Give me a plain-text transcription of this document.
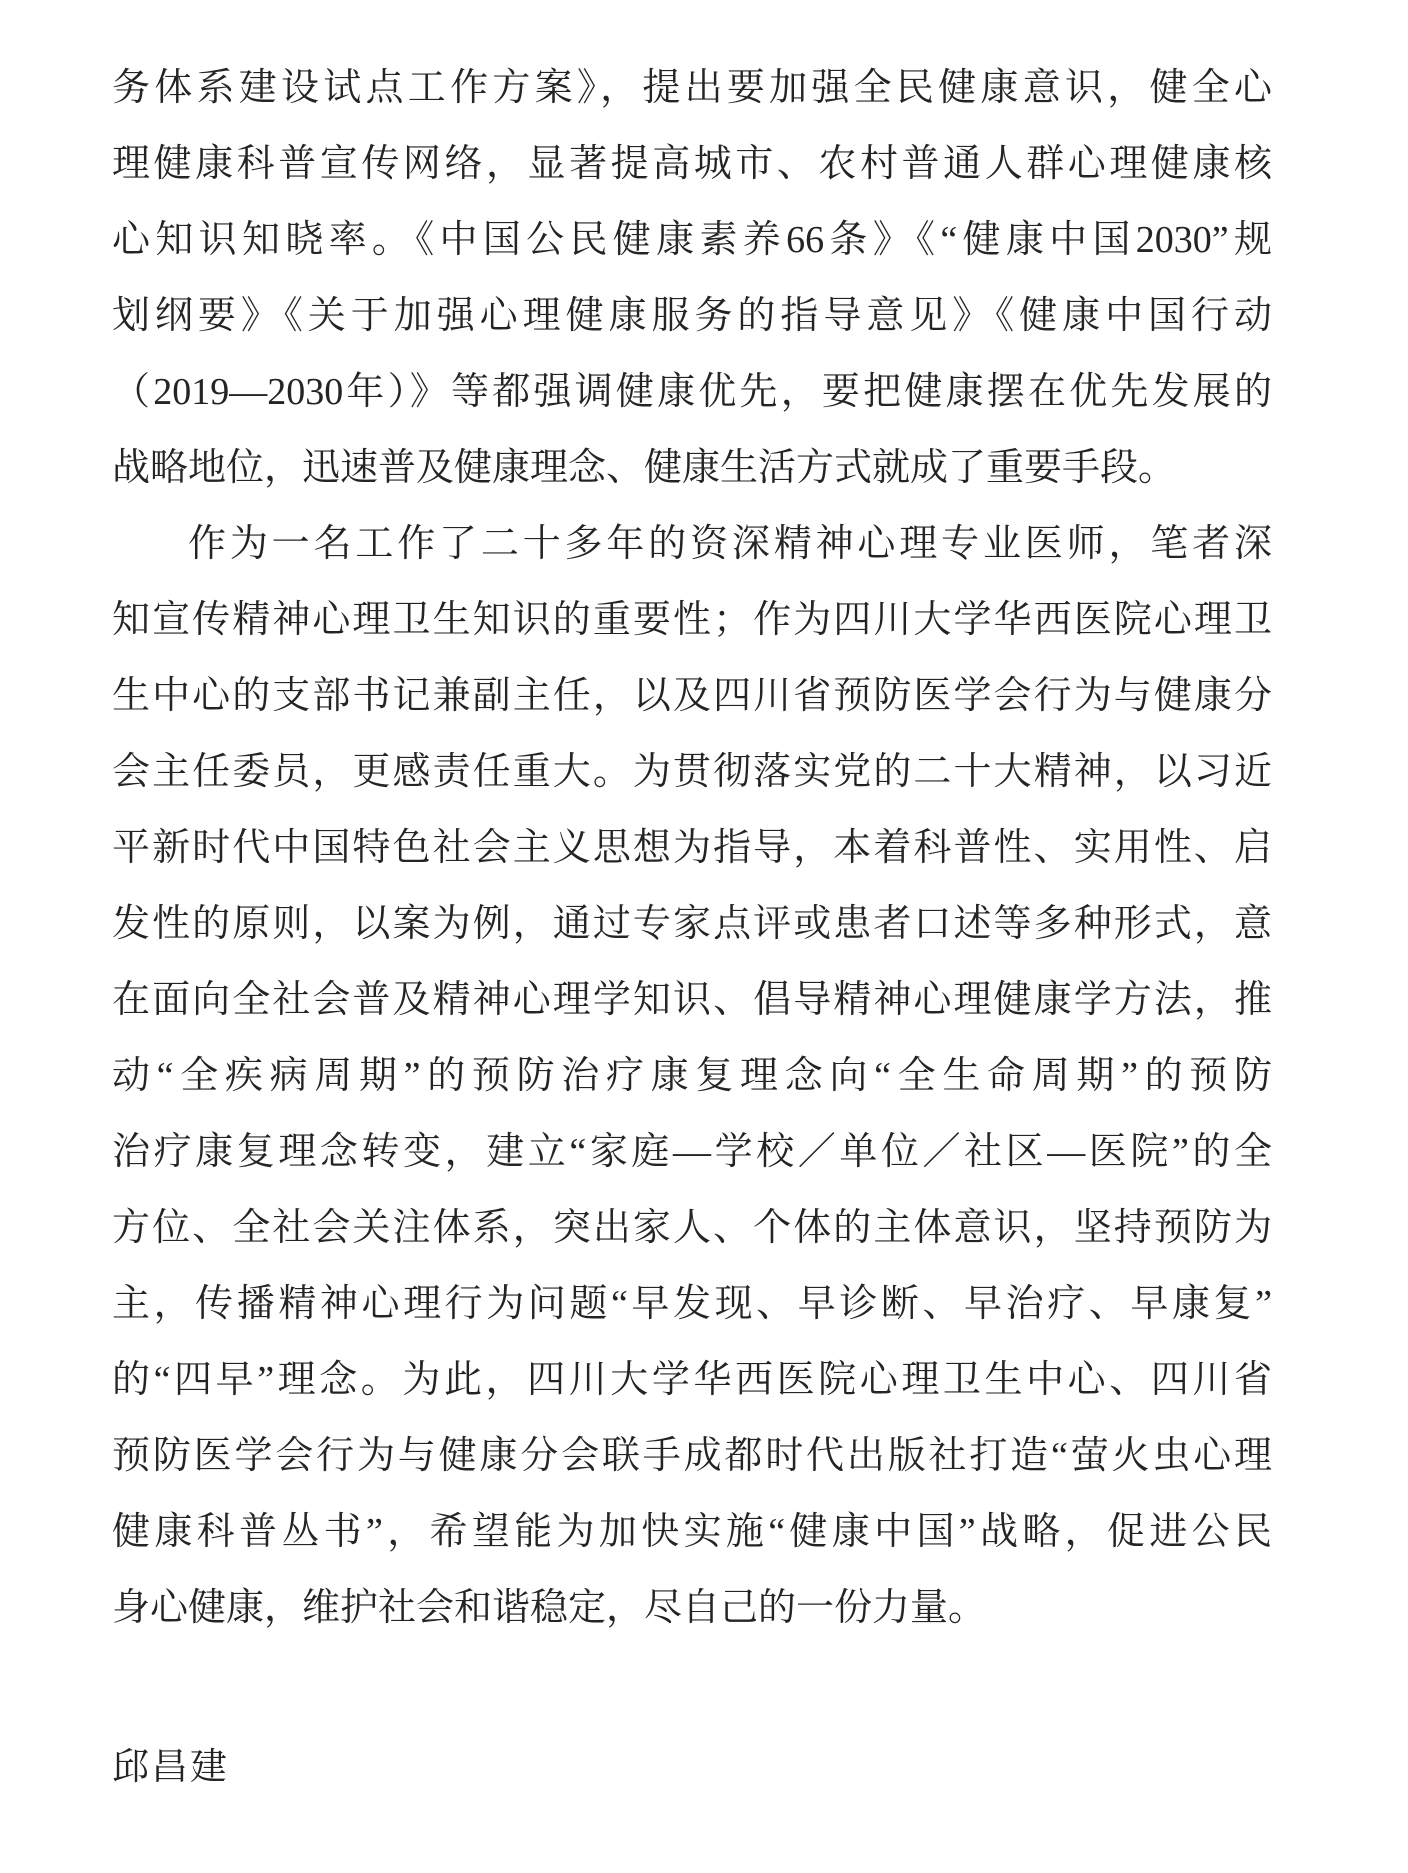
务体系建设试点工作方案》，提出要加强全民健康意识，健全心
理健康科普宣传网络，显著提高城市、农村普通人群心理健康核
心知识知晓率。《中国公民健康素养66条》《“健康中国2030”规
划纲要》《关于加强心理健康服务的指导意见》《健康中国行动
（2019—2030年）》等都强调健康优先，要把健康摆在优先发展的
战略地位，迅速普及健康理念、健康生活方式就成了重要手段。
作为一名工作了二十多年的资深精神心理专业医师，笔者深
知宣传精神心理卫生知识的重要性；作为四川大学华西医院心理卫
生中心的支部书记兼副主任，以及四川省预防医学会行为与健康分
会主任委员，更感责任重大。为贯彻落实党的二十大精神，以习近
平新时代中国特色社会主义思想为指导，本着科普性、实用性、启
发性的原则，以案为例，通过专家点评或患者口述等多种形式，意
在面向全社会普及精神心理学知识、倡导精神心理健康学方法，推
动“全疾病周期”的预防治疗康复理念向“全生命周期”的预防
治疗康复理念转变，建立“家庭—学校／单位／社区—医院”的全
方位、全社会关注体系，突出家人、个体的主体意识，坚持预防为
主，传播精神心理行为问题“早发现、早诊断、早治疗、早康复”
的“四早”理念。为此，四川大学华西医院心理卫生中心、四川省
预防医学会行为与健康分会联手成都时代出版社打造“萤火虫心理
健康科普丛书”，希望能为加快实施“健康中国”战略，促进公民
身心健康，维护社会和谐稳定，尽自己的一份力量。
邱昌建
